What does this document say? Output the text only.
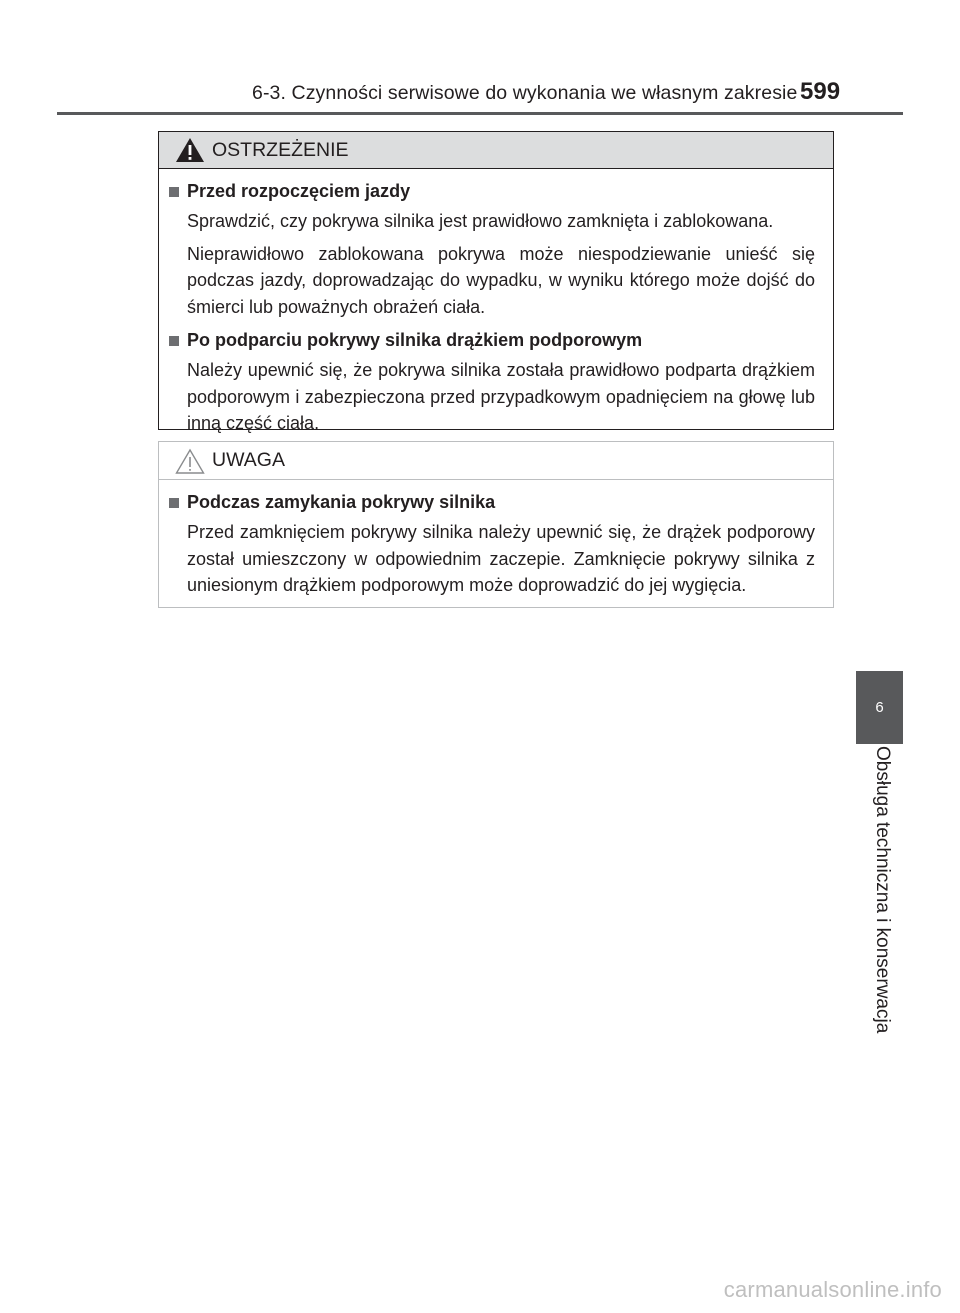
6-3. Czynności serwisowe do wykonania we własnym zakresie 599
OSTRZEŻENIE
Przed rozpoczęciem jazdy

Sprawdzić, czy pokrywa silnika jest prawidłowo zamknięta i zablokowana.

Nieprawidłowo zablokowana pokrywa może niespodziewanie unieść się podczas jazdy, doprowadzając do wypadku, w wyniku którego może dojść do śmierci lub poważnych obrażeń ciała.

Po podparciu pokrywy silnika drążkiem podporowym

Należy upewnić się, że pokrywa silnika została prawidłowo podparta drążkiem podporowym i zabezpieczona przed przypadkowym opadnięciem na głowę lub inną część ciała.

UWAGA
Podczas zamykania pokrywy silnika

Przed zamknięciem pokrywy silnika należy upewnić się, że drążek podporowy został umieszczony w odpowiednim zaczepie. Zamknięcie pokrywy silnika z uniesionym drążkiem podporowym może doprowadzić do jej wygięcia.

6
Obsługa techniczna i konserwacja
carmanualsonline.info
